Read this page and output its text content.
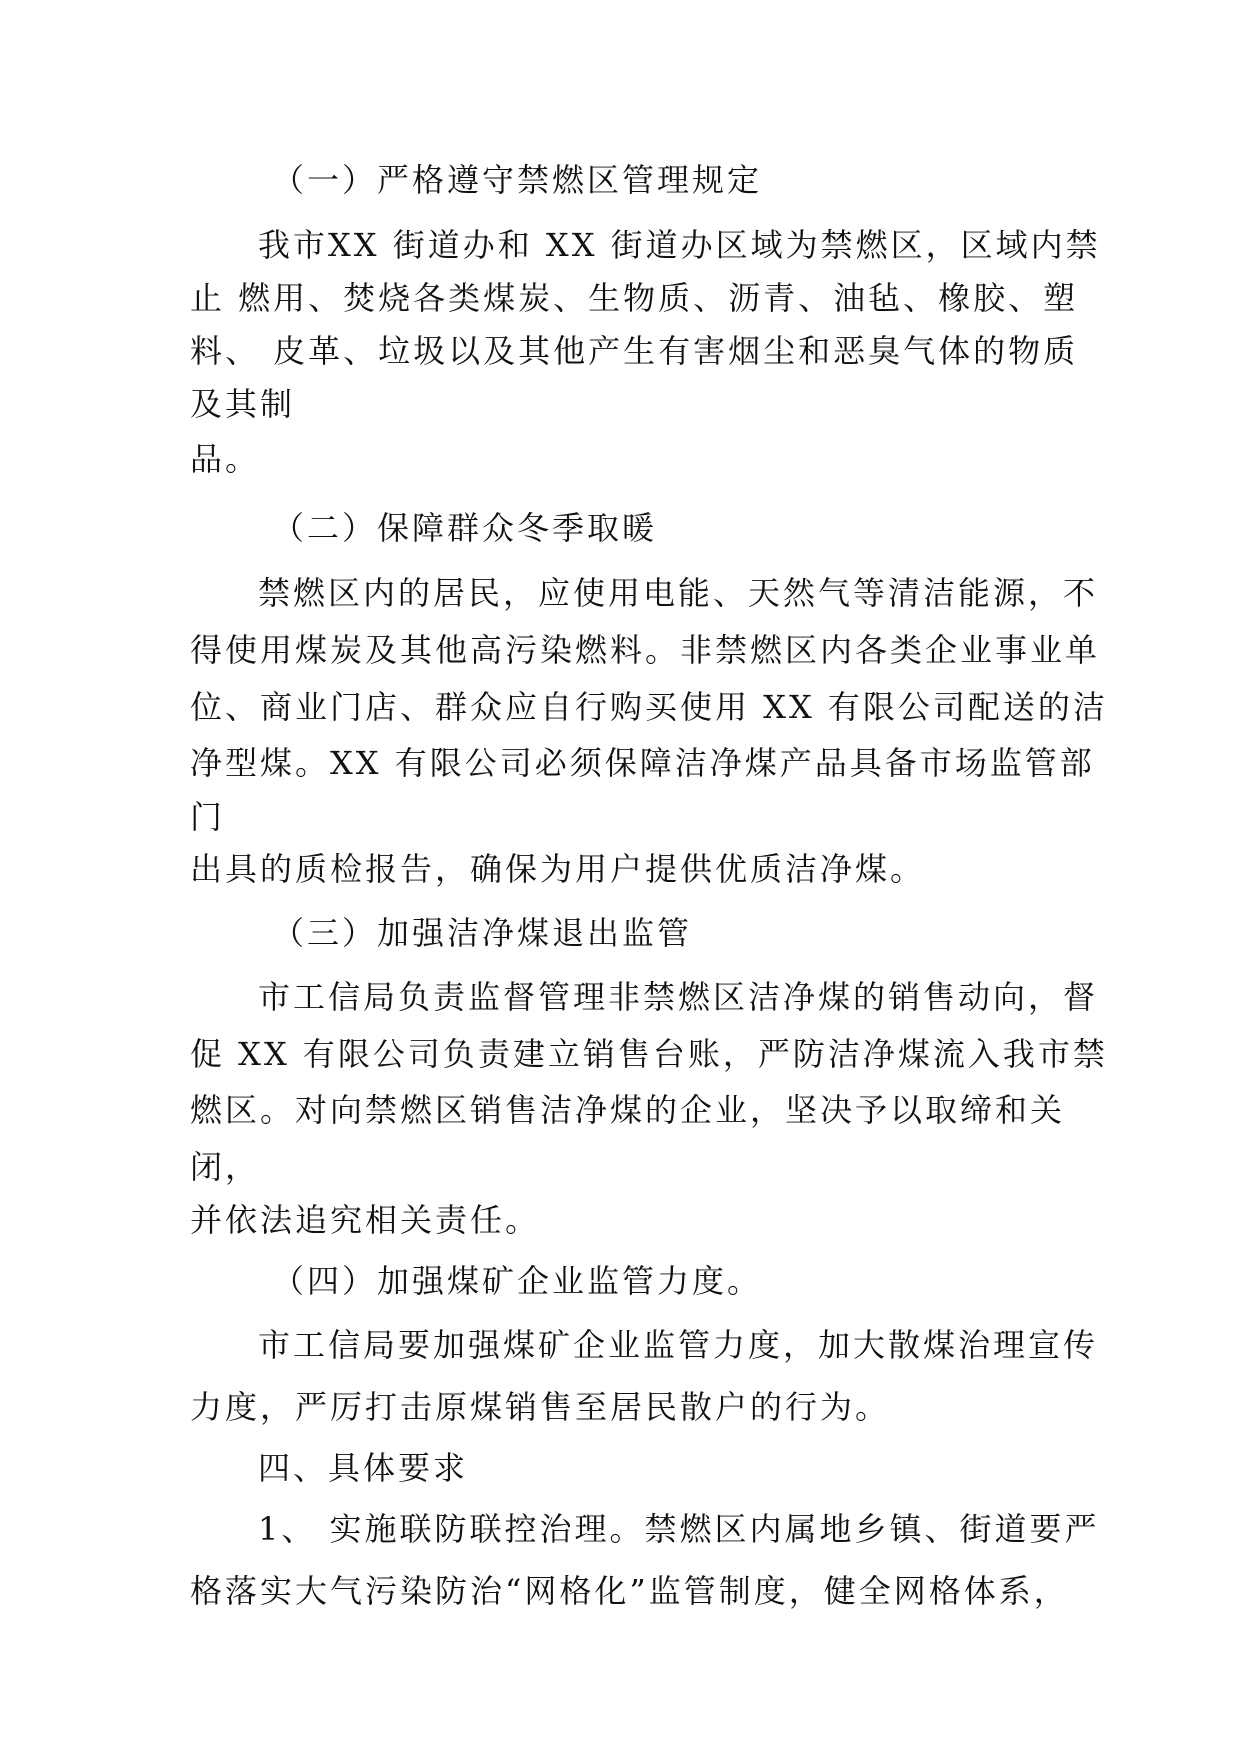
（一）严格遵守禁燃区管理规定
我市XX 街道办和 XX 街道办区域为禁燃区，区域内禁
止 燃用、焚烧各类煤炭、生物质、沥青、油毡、橡胶、塑
料、 皮革、垃圾以及其他产生有害烟尘和恶臭气体的物质
及其制
品。
（二）保障群众冬季取暖
禁燃区内的居民，应使用电能、天然气等清洁能源，不
得使用煤炭及其他高污染燃料。非禁燃区内各类企业事业单
位、商业门店、群众应自行购买使用 XX 有限公司配送的洁
净型煤。XX 有限公司必须保障洁净煤产品具备市场监管部
门
出具的质检报告，确保为用户提供优质洁净煤。
（三）加强洁净煤退出监管
市工信局负责监督管理非禁燃区洁净煤的销售动向，督
促 XX 有限公司负责建立销售台账，严防洁净煤流入我市禁
燃区。对向禁燃区销售洁净煤的企业，坚决予以取缔和关
闭，
并依法追究相关责任。
（四）加强煤矿企业监管力度。
市工信局要加强煤矿企业监管力度，加大散煤治理宣传
力度，严厉打击原煤销售至居民散户的行为。
四、具体要求
1、 实施联防联控治理。禁燃区内属地乡镇、街道要严
格落实大气污染防治“网格化”监管制度，健全网格体系，
